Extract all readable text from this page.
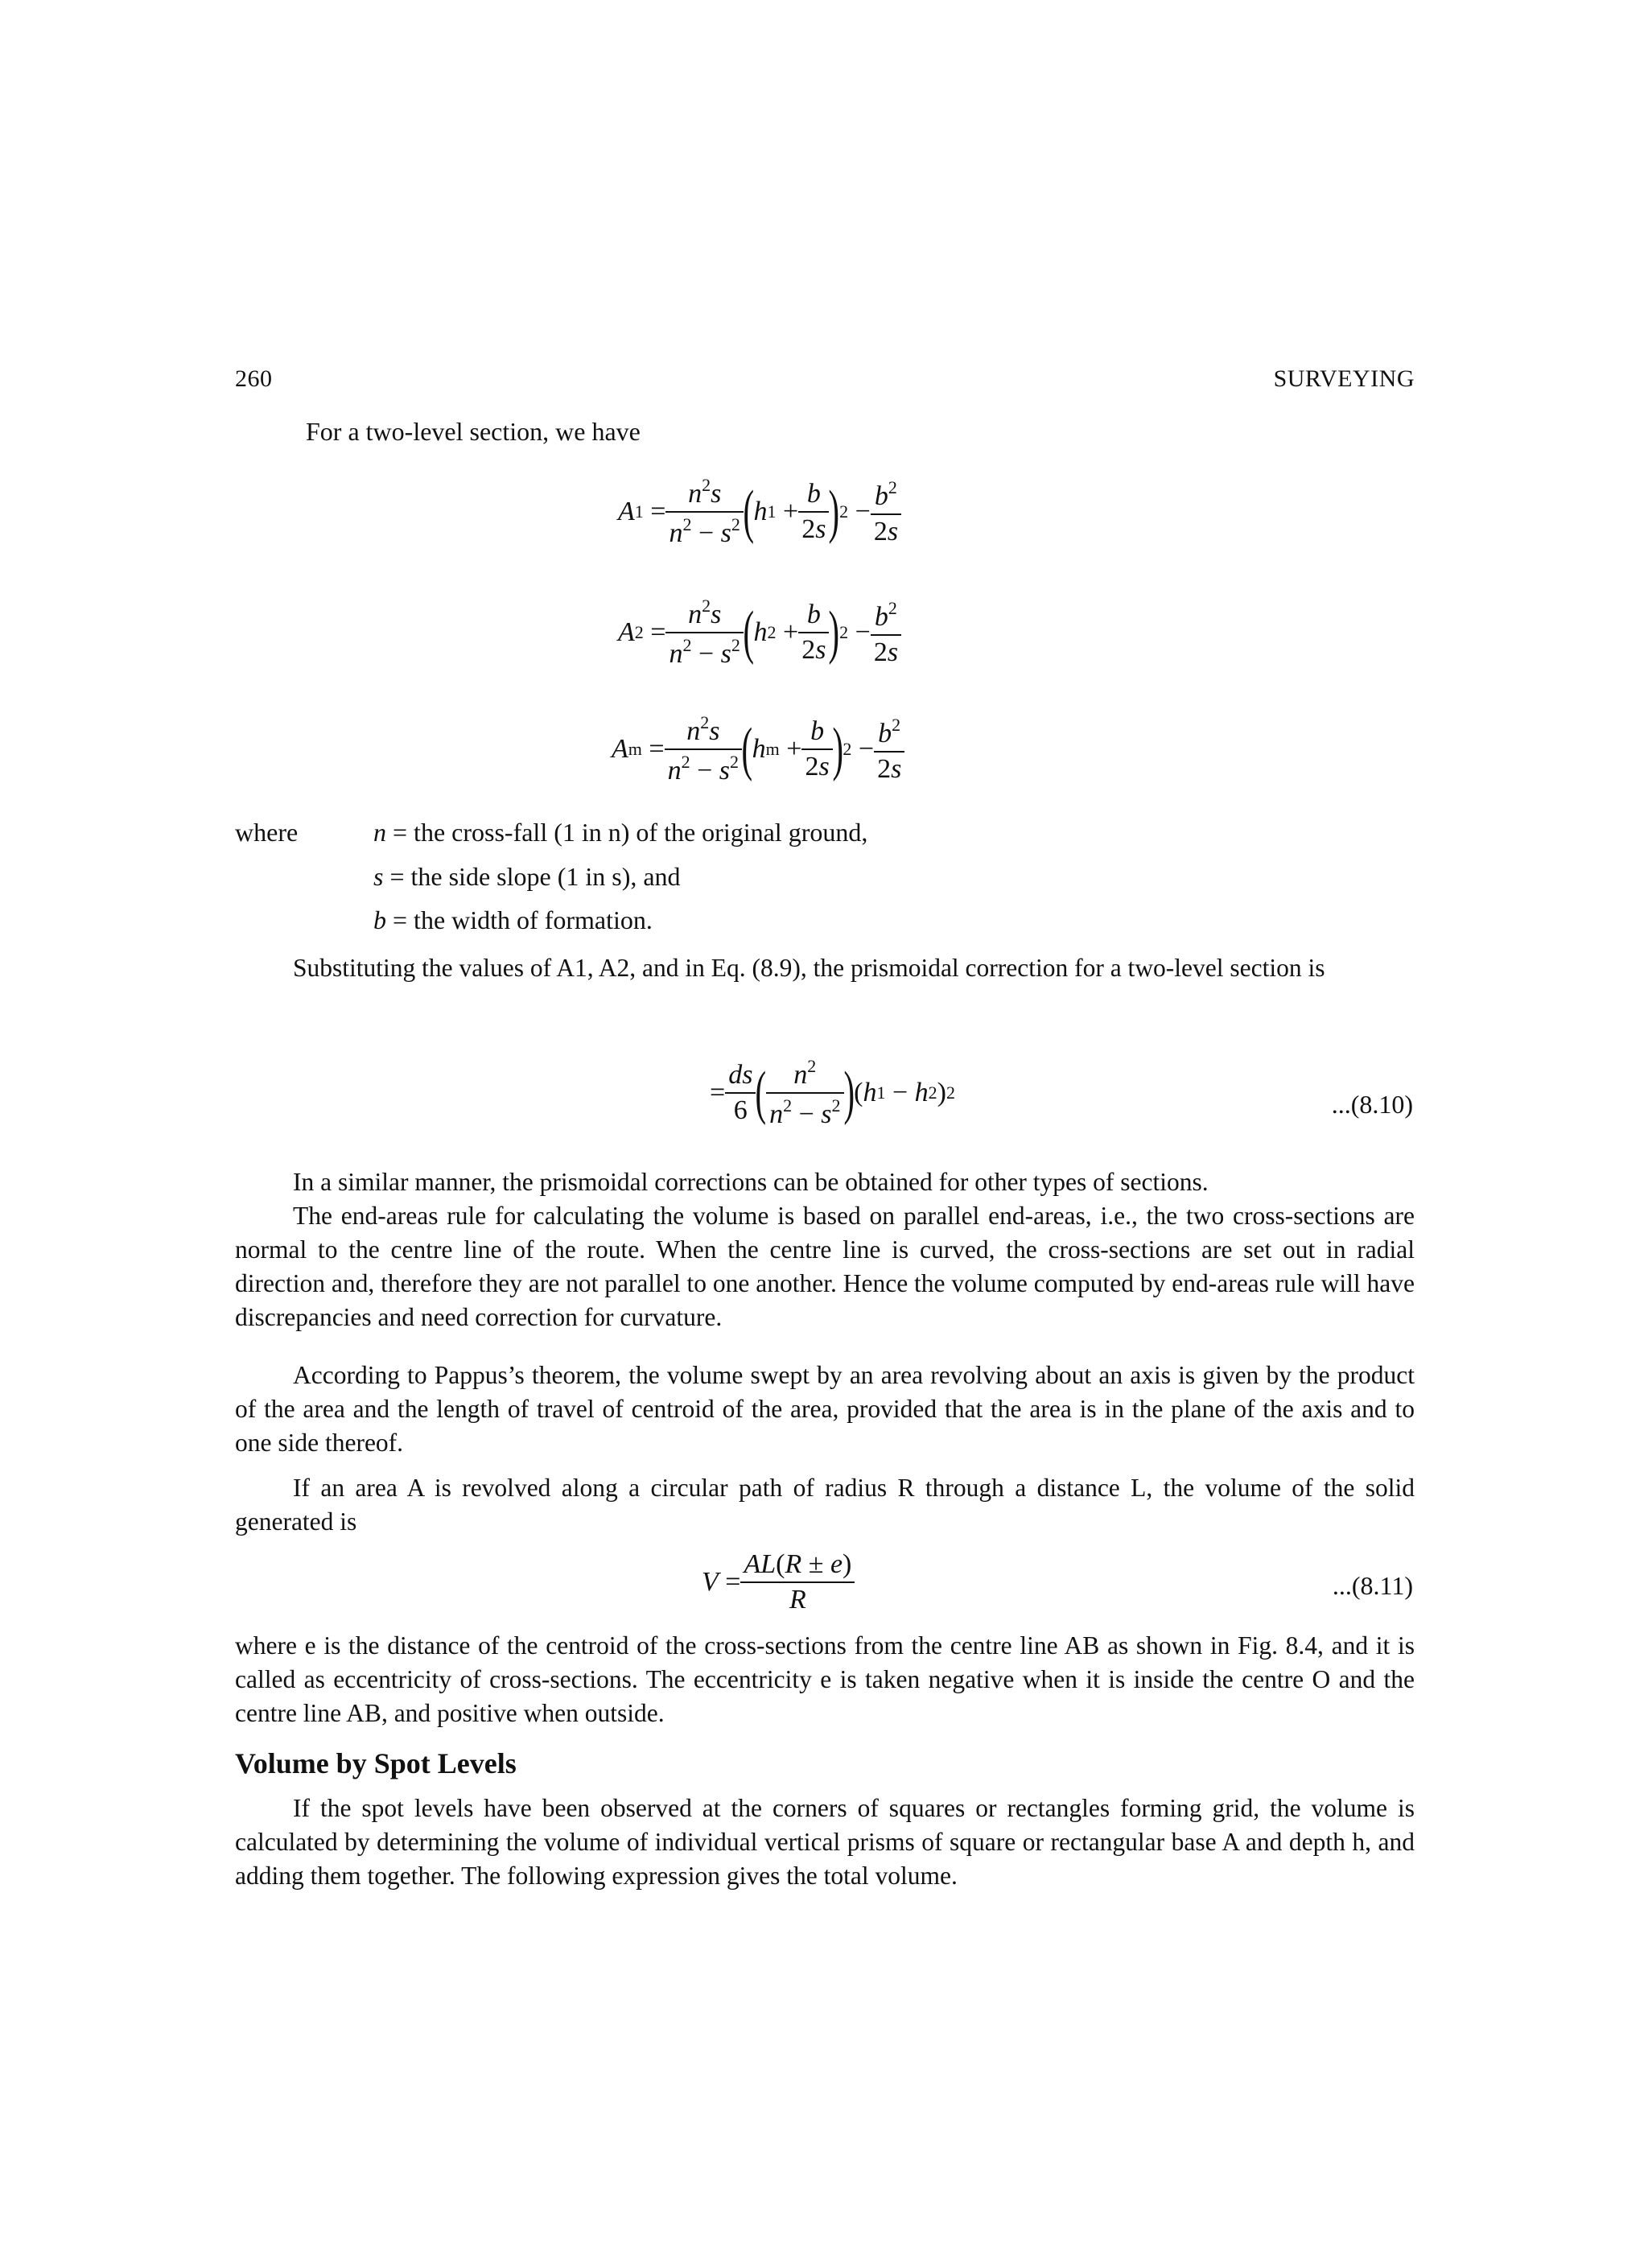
260	SURVEYING
For a two-level section, we have
A $1 = \frac{n^2s}{n^2 - s^2}$ ( h $1 + \frac{b}{2s}$ ) $2 - \frac{b^2}{2s}$
A $2 = \frac{n^2s}{n^2 - s^2}$ ( h $2 + \frac{b}{2s}$ ) $2 - \frac{b^2}{2s}$
A $m = \frac{n^2s}{n^2 - s^2}$ ( h $m + \frac{b}{2s}$ ) $2 - \frac{b^2}{2s}$
where	n = the cross-fall (1 in n) of the original ground,
s = the side slope (1 in s), and
b = the width of formation.
Substituting the values of A1, A2, and in Eq. (8.9), the prismoidal correction for a two-level section is
= $\frac{ds}{6}$ ( $\frac{n^2}{n^2 - s^2}$ ) ( h 1 − h 2 ) 2	...(8.10)
In a similar manner, the prismoidal corrections can be obtained for other types of sections.
The end-areas rule for calculating the volume is based on parallel end-areas, i.e., the two cross-sections are normal to the centre line of the route. When the centre line is curved, the cross-sections are set out in radial direction and, therefore they are not parallel to one another. Hence the volume computed by end-areas rule will have discrepancies and need correction for curvature.
According to Pappus’s theorem, the volume swept by an area revolving about an axis is given by the product of the area and the length of travel of centroid of the area, provided that the area is in the plane of the axis and to one side thereof.
If an area A is revolved along a circular path of radius R through a distance L, the volume of the solid generated is
$V = \frac{AL(R \pm e)}{R}$	...(8.11)
where e is the distance of the centroid of the cross-sections from the centre line AB as shown in Fig. 8.4, and it is called as eccentricity of cross-sections. The eccentricity e is taken negative when it is inside the centre O and the centre line AB, and positive when outside.
Volume by Spot Levels
If the spot levels have been observed at the corners of squares or rectangles forming grid, the volume is calculated by determining the volume of individual vertical prisms of square or rectangular base A and depth h, and adding them together. The following expression gives the total volume.
